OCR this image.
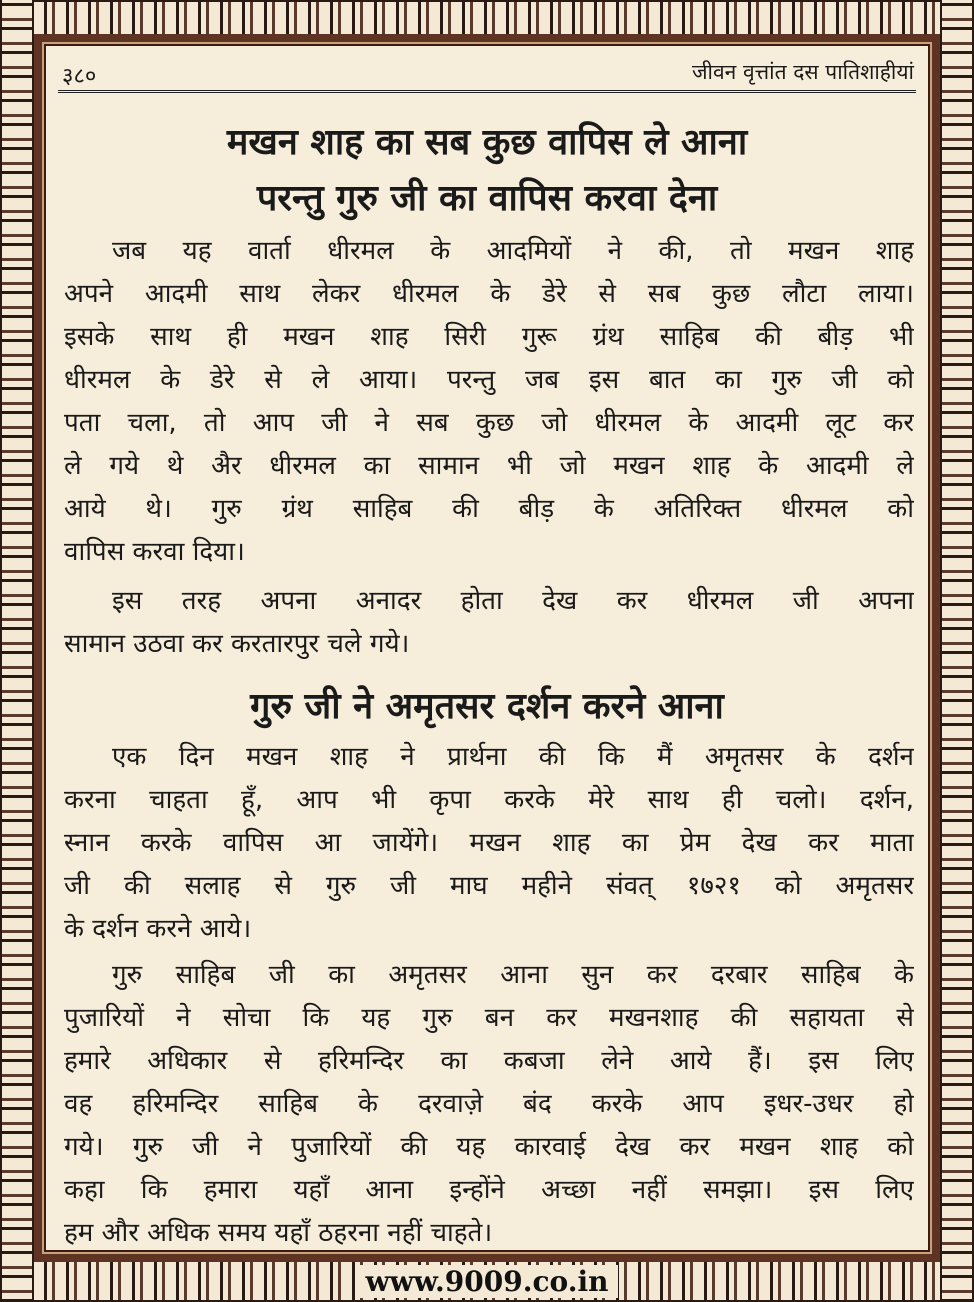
३८०	जीवन वृत्तांत दस पातिशाहीयां
मखन शाह का सब कुछ वापिस ले आना
परन्तु गुरु जी का वापिस करवा देना
जब यह वार्ता धीरमल के आदमियों ने की, तो मखन शाह
अपने आदमी साथ लेकर धीरमल के डेरे से सब कुछ लौटा लाया।
इसके साथ ही मखन शाह सिरी गुरू ग्रंथ साहिब की बीड़ भी
धीरमल के डेरे से ले आया। परन्तु जब इस बात का गुरु जी को
पता चला, तो आप जी ने सब कुछ जो धीरमल के आदमी लूट कर
ले गये थे अैर धीरमल का सामान भी जो मखन शाह के आदमी ले
आये थे। गुरु ग्रंथ साहिब की बीड़ के अतिरिक्त धीरमल को
वापिस करवा दिया।
इस तरह अपना अनादर होता देख कर धीरमल जी अपना
सामान उठवा कर करतारपुर चले गये।
गुरु जी ने अमृतसर दर्शन करने आना
एक दिन मखन शाह ने प्रार्थना की कि मैं अमृतसर के दर्शन
करना चाहता हूँ, आप भी कृपा करके मेरे साथ ही चलो। दर्शन,
स्नान करके वापिस आ जायेंगे। मखन शाह का प्रेम देख कर माता
जी की सलाह से गुरु जी माघ महीने संवत् १७२१ को अमृतसर
के दर्शन करने आये।
गुरु साहिब जी का अमृतसर आना सुन कर दरबार साहिब के
पुजारियों ने सोचा कि यह गुरु बन कर मखनशाह की सहायता से
हमारे अधिकार से हरिमन्दिर का कबजा लेने आये हैं। इस लिए
वह हरिमन्दिर साहिब के दरवाज़े बंद करके आप इधर-उधर हो
गये। गुरु जी ने पुजारियों की यह कारवाई देख कर मखन शाह को
कहा कि हमारा यहाँ आना इन्होंने अच्छा नहीं समझा। इस लिए
हम और अधिक समय यहाँ ठहरना नहीं चाहते।
www.9009.co.in
